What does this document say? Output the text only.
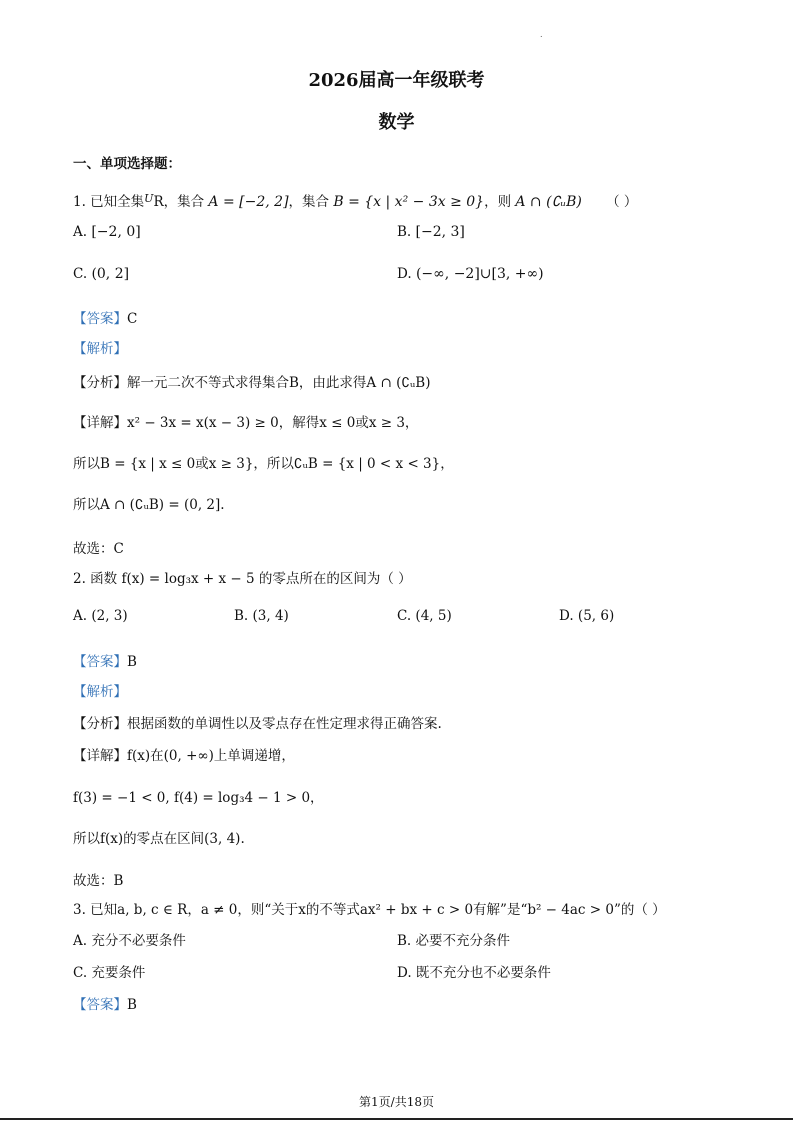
.
2026届高一年级联考
数学
一、单项选择题：
1. 已知全集$^U$R，集合 A = [−2, 2]，集合 B = {x | x² − 3x ≥ 0}，则 A ∩ (∁ᵤB) （ ）
A. [−2, 0]	B. [−2, 3]
C. (0, 2]	D. (−∞, −2]∪[3, +∞)
【答案】C
【解析】
【分析】解一元二次不等式求得集合B，由此求得A ∩ (∁ᵤB)
【详解】x² − 3x = x(x − 3) ≥ 0，解得x ≤ 0或x ≥ 3，
所以B = {x | x ≤ 0或x ≥ 3}，所以∁ᵤB = {x | 0 < x < 3}，
所以A ∩ (∁ᵤB) = (0, 2].
故选：C
2. 函数 f(x) = log₃x + x − 5 的零点所在的区间为（ ）
A. (2, 3)	B. (3, 4)	C. (4, 5)	D. (5, 6)
【答案】B
【解析】
【分析】根据函数的单调性以及零点存在性定理求得正确答案.
【详解】f(x)在(0, +∞)上单调递增，
f(3) = −1 < 0, f(4) = log₃4 − 1 > 0，
所以f(x)的零点在区间(3, 4).
故选：B
3. 已知a, b, c ∈ R，a ≠ 0，则“关于x的不等式ax² + bx + c > 0有解”是“b² − 4ac > 0”的（ ）
A. 充分不必要条件	B. 必要不充分条件
C. 充要条件	D. 既不充分也不必要条件
【答案】B
第1页/共18页
